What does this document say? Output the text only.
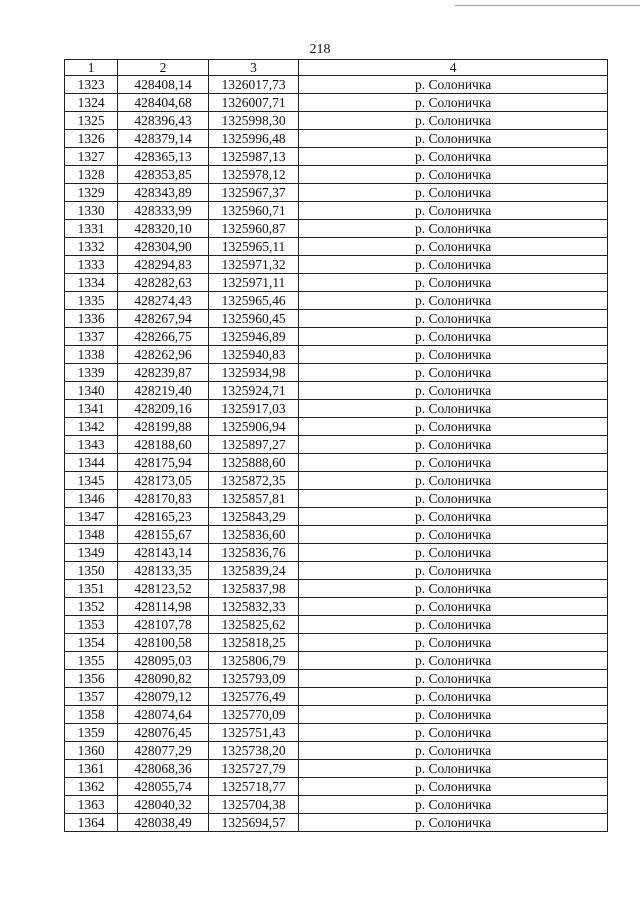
218
1	2	3	4
1323	428408,14	1326017,73	р. Солоничка
1324	428404,68	1326007,71	р. Солоничка
1325	428396,43	1325998,30	р. Солоничка
1326	428379,14	1325996,48	р. Солоничка
1327	428365,13	1325987,13	р. Солоничка
1328	428353,85	1325978,12	р. Солоничка
1329	428343,89	1325967,37	р. Солоничка
1330	428333,99	1325960,71	р. Солоничка
1331	428320,10	1325960,87	р. Солоничка
1332	428304,90	1325965,11	р. Солоничка
1333	428294,83	1325971,32	р. Солоничка
1334	428282,63	1325971,11	р. Солоничка
1335	428274,43	1325965,46	р. Солоничка
1336	428267,94	1325960,45	р. Солоничка
1337	428266,75	1325946,89	р. Солоничка
1338	428262,96	1325940,83	р. Солоничка
1339	428239,87	1325934,98	р. Солоничка
1340	428219,40	1325924,71	р. Солоничка
1341	428209,16	1325917,03	р. Солоничка
1342	428199,88	1325906,94	р. Солоничка
1343	428188,60	1325897,27	р. Солоничка
1344	428175,94	1325888,60	р. Солоничка
1345	428173,05	1325872,35	р. Солоничка
1346	428170,83	1325857,81	р. Солоничка
1347	428165,23	1325843,29	р. Солоничка
1348	428155,67	1325836,60	р. Солоничка
1349	428143,14	1325836,76	р. Солоничка
1350	428133,35	1325839,24	р. Солоничка
1351	428123,52	1325837,98	р. Солоничка
1352	428114,98	1325832,33	р. Солоничка
1353	428107,78	1325825,62	р. Солоничка
1354	428100,58	1325818,25	р. Солоничка
1355	428095,03	1325806,79	р. Солоничка
1356	428090,82	1325793,09	р. Солоничка
1357	428079,12	1325776,49	р. Солоничка
1358	428074,64	1325770,09	р. Солоничка
1359	428076,45	1325751,43	р. Солоничка
1360	428077,29	1325738,20	р. Солоничка
1361	428068,36	1325727,79	р. Солоничка
1362	428055,74	1325718,77	р. Солоничка
1363	428040,32	1325704,38	р. Солоничка
1364	428038,49	1325694,57	р. Солоничка
